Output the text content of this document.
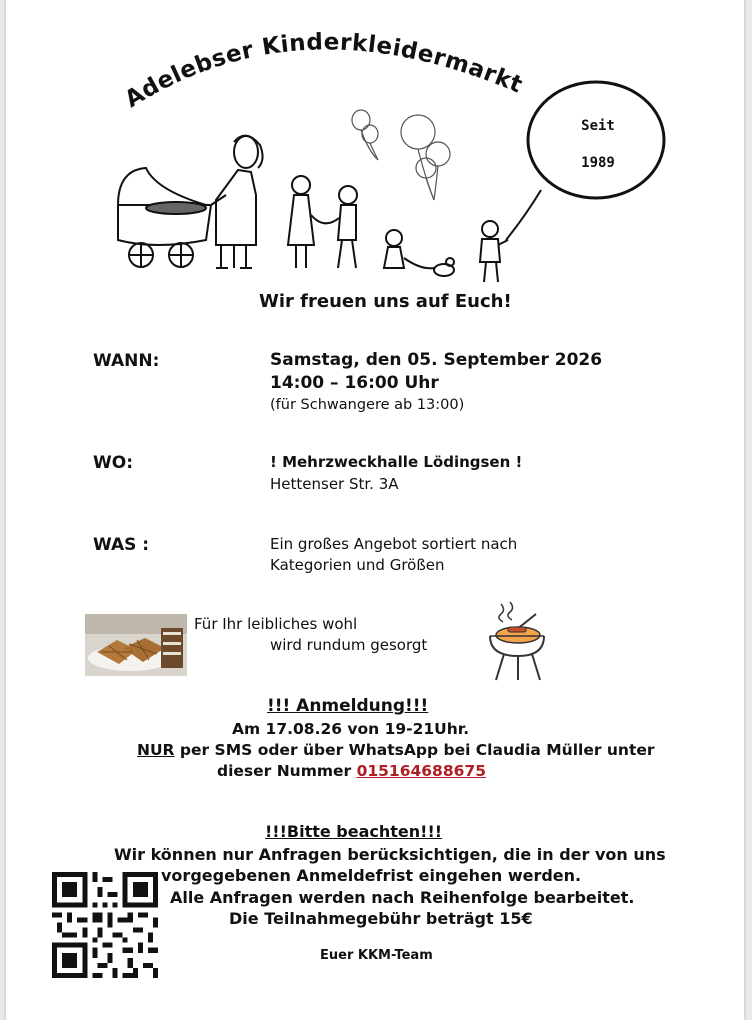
Adelebser Kinderkleidermarkt
Seit
1989
Wir freuen uns auf Euch!
WANN:	Samstag, den 05. September 2026
14:00 – 16:00 Uhr
(für Schwangere ab 13:00)
WO:	! Mehrzweckhalle Lödingsen !
Hettenser Str. 3A
WAS :	Ein großes Angebot sortiert nach
Kategorien und Größen
Für Ihr leibliches wohl
wird rundum gesorgt
!!! Anmeldung!!!
Am 17.08.26 von 19-21Uhr.
NUR per SMS oder über WhatsApp bei Claudia Müller unter
dieser Nummer 015164688675
!!!Bitte beachten!!!
Wir können nur Anfragen berücksichtigen, die in der von uns
vorgegebenen Anmeldefrist eingehen werden.
Alle Anfragen werden nach Reihenfolge bearbeitet.
Die Teilnahmegebühr beträgt 15€
Euer KKM-Team
